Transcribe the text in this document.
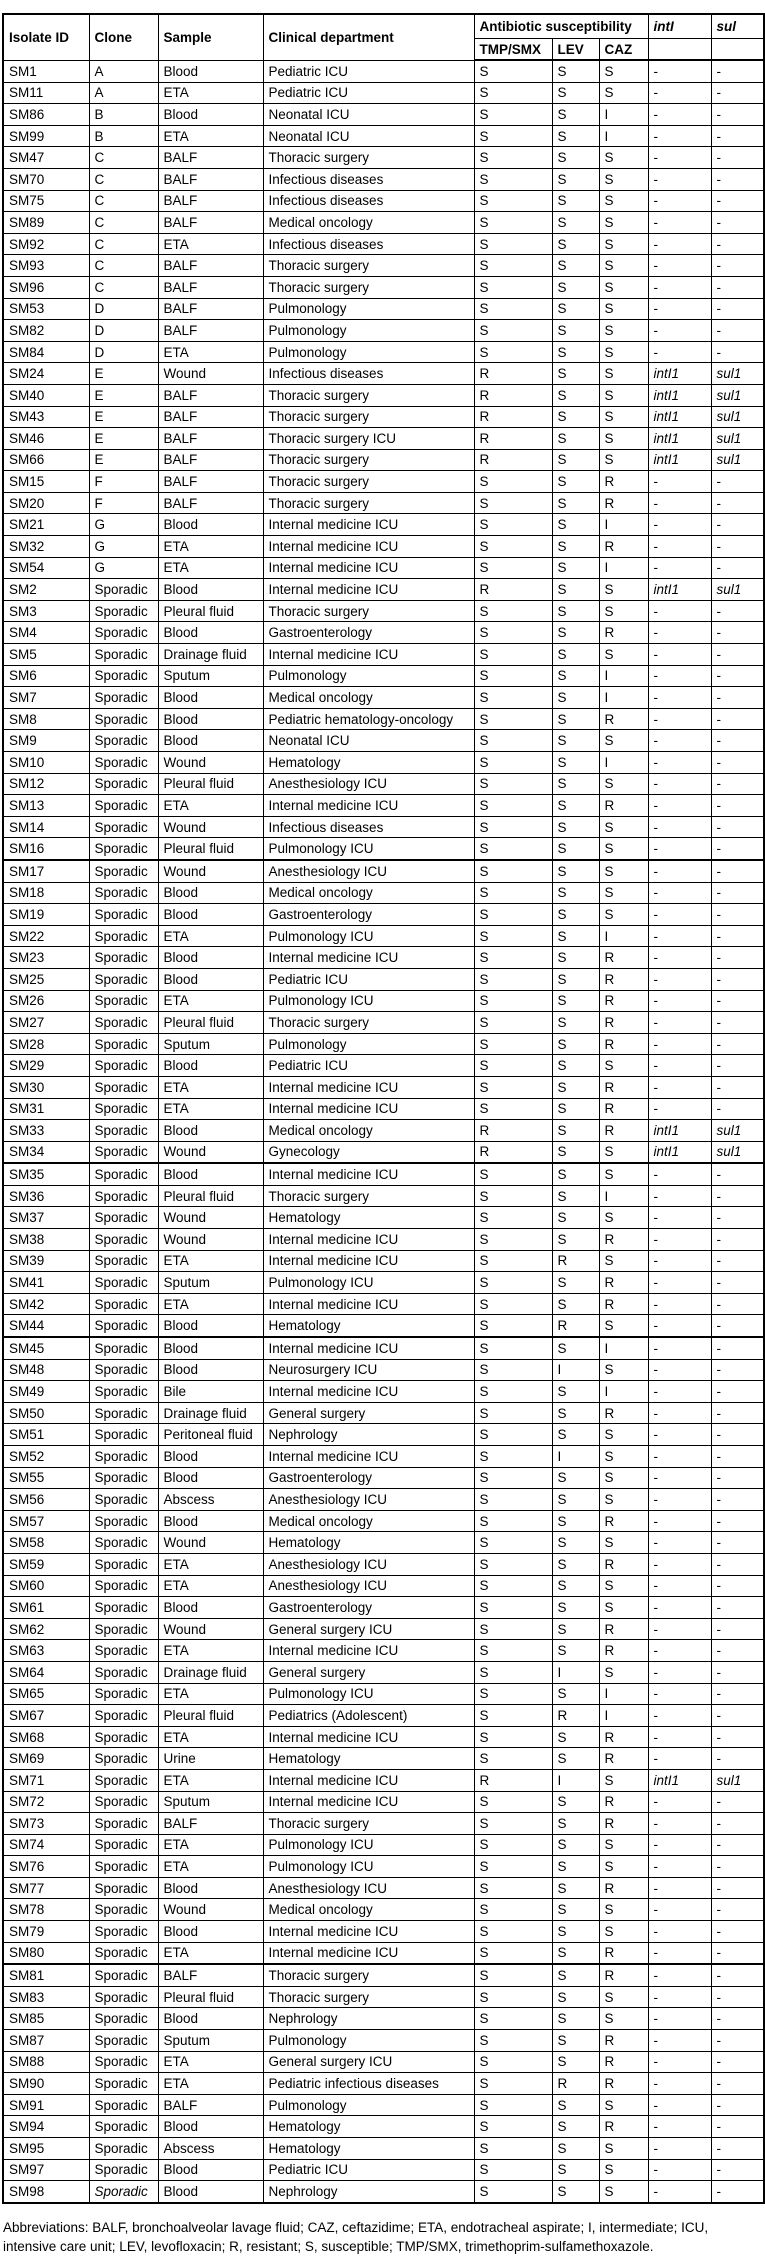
Isolate ID	Clone	Sample	Clinical department	Antibiotic susceptibility			intI	sul
				TMP/SMX	LEV	CAZ		
SM1	A	Blood	Pediatric ICU	S	S	S	-	-
SM11	A	ETA	Pediatric ICU	S	S	S	-	-
SM86	B	Blood	Neonatal ICU	S	S	I	-	-
SM99	B	ETA	Neonatal ICU	S	S	I	-	-
SM47	C	BALF	Thoracic surgery	S	S	S	-	-
SM70	C	BALF	Infectious diseases	S	S	S	-	-
SM75	C	BALF	Infectious diseases	S	S	S	-	-
SM89	C	BALF	Medical oncology	S	S	S	-	-
SM92	C	ETA	Infectious diseases	S	S	S	-	-
SM93	C	BALF	Thoracic surgery	S	S	S	-	-
SM96	C	BALF	Thoracic surgery	S	S	S	-	-
SM53	D	BALF	Pulmonology	S	S	S	-	-
SM82	D	BALF	Pulmonology	S	S	S	-	-
SM84	D	ETA	Pulmonology	S	S	S	-	-
SM24	E	Wound	Infectious diseases	R	S	S	intI1	sul1
SM40	E	BALF	Thoracic surgery	R	S	S	intI1	sul1
SM43	E	BALF	Thoracic surgery	R	S	S	intI1	sul1
SM46	E	BALF	Thoracic surgery ICU	R	S	S	intI1	sul1
SM66	E	BALF	Thoracic surgery	R	S	S	intI1	sul1
SM15	F	BALF	Thoracic surgery	S	S	R	-	-
SM20	F	BALF	Thoracic surgery	S	S	R	-	-
SM21	G	Blood	Internal medicine ICU	S	S	I	-	-
SM32	G	ETA	Internal medicine ICU	S	S	R	-	-
SM54	G	ETA	Internal medicine ICU	S	S	I	-	-
SM2	Sporadic	Blood	Internal medicine ICU	R	S	S	intI1	sul1
SM3	Sporadic	Pleural fluid	Thoracic surgery	S	S	S	-	-
SM4	Sporadic	Blood	Gastroenterology	S	S	R	-	-
SM5	Sporadic	Drainage fluid	Internal medicine ICU	S	S	S	-	-
SM6	Sporadic	Sputum	Pulmonology	S	S	I	-	-
SM7	Sporadic	Blood	Medical oncology	S	S	I	-	-
SM8	Sporadic	Blood	Pediatric hematology-oncology	S	S	R	-	-
SM9	Sporadic	Blood	Neonatal ICU	S	S	S	-	-
SM10	Sporadic	Wound	Hematology	S	S	I	-	-
SM12	Sporadic	Pleural fluid	Anesthesiology ICU	S	S	S	-	-
SM13	Sporadic	ETA	Internal medicine ICU	S	S	R	-	-
SM14	Sporadic	Wound	Infectious diseases	S	S	S	-	-
SM16	Sporadic	Pleural fluid	Pulmonology ICU	S	S	S	-	-
SM17	Sporadic	Wound	Anesthesiology ICU	S	S	S	-	-
SM18	Sporadic	Blood	Medical oncology	S	S	S	-	-
SM19	Sporadic	Blood	Gastroenterology	S	S	S	-	-
SM22	Sporadic	ETA	Pulmonology ICU	S	S	I	-	-
SM23	Sporadic	Blood	Internal medicine ICU	S	S	R	-	-
SM25	Sporadic	Blood	Pediatric ICU	S	S	R	-	-
SM26	Sporadic	ETA	Pulmonology ICU	S	S	R	-	-
SM27	Sporadic	Pleural fluid	Thoracic surgery	S	S	R	-	-
SM28	Sporadic	Sputum	Pulmonology	S	S	R	-	-
SM29	Sporadic	Blood	Pediatric ICU	S	S	S	-	-
SM30	Sporadic	ETA	Internal medicine ICU	S	S	R	-	-
SM31	Sporadic	ETA	Internal medicine ICU	S	S	R	-	-
SM33	Sporadic	Blood	Medical oncology	R	S	R	intI1	sul1
SM34	Sporadic	Wound	Gynecology	R	S	S	intI1	sul1
SM35	Sporadic	Blood	Internal medicine ICU	S	S	S	-	-
SM36	Sporadic	Pleural fluid	Thoracic surgery	S	S	I	-	-
SM37	Sporadic	Wound	Hematology	S	S	S	-	-
SM38	Sporadic	Wound	Internal medicine ICU	S	S	R	-	-
SM39	Sporadic	ETA	Internal medicine ICU	S	R	S	-	-
SM41	Sporadic	Sputum	Pulmonology ICU	S	S	R	-	-
SM42	Sporadic	ETA	Internal medicine ICU	S	S	R	-	-
SM44	Sporadic	Blood	Hematology	S	R	S	-	-
SM45	Sporadic	Blood	Internal medicine ICU	S	S	I	-	-
SM48	Sporadic	Blood	Neurosurgery ICU	S	I	S	-	-
SM49	Sporadic	Bile	Internal medicine ICU	S	S	I	-	-
SM50	Sporadic	Drainage fluid	General surgery	S	S	R	-	-
SM51	Sporadic	Peritoneal fluid	Nephrology	S	S	S	-	-
SM52	Sporadic	Blood	Internal medicine ICU	S	I	S	-	-
SM55	Sporadic	Blood	Gastroenterology	S	S	S	-	-
SM56	Sporadic	Abscess	Anesthesiology ICU	S	S	S	-	-
SM57	Sporadic	Blood	Medical oncology	S	S	R	-	-
SM58	Sporadic	Wound	Hematology	S	S	S	-	-
SM59	Sporadic	ETA	Anesthesiology ICU	S	S	R	-	-
SM60	Sporadic	ETA	Anesthesiology ICU	S	S	S	-	-
SM61	Sporadic	Blood	Gastroenterology	S	S	S	-	-
SM62	Sporadic	Wound	General surgery ICU	S	S	R	-	-
SM63	Sporadic	ETA	Internal medicine ICU	S	S	R	-	-
SM64	Sporadic	Drainage fluid	General surgery	S	I	S	-	-
SM65	Sporadic	ETA	Pulmonology ICU	S	S	I	-	-
SM67	Sporadic	Pleural fluid	Pediatrics (Adolescent)	S	R	I	-	-
SM68	Sporadic	ETA	Internal medicine ICU	S	S	R	-	-
SM69	Sporadic	Urine	Hematology	S	S	R	-	-
SM71	Sporadic	ETA	Internal medicine ICU	R	I	S	intI1	sul1
SM72	Sporadic	Sputum	Internal medicine ICU	S	S	R	-	-
SM73	Sporadic	BALF	Thoracic surgery	S	S	R	-	-
SM74	Sporadic	ETA	Pulmonology ICU	S	S	S	-	-
SM76	Sporadic	ETA	Pulmonology ICU	S	S	S	-	-
SM77	Sporadic	Blood	Anesthesiology ICU	S	S	R	-	-
SM78	Sporadic	Wound	Medical oncology	S	S	S	-	-
SM79	Sporadic	Blood	Internal medicine ICU	S	S	S	-	-
SM80	Sporadic	ETA	Internal medicine ICU	S	S	R	-	-
SM81	Sporadic	BALF	Thoracic surgery	S	S	R	-	-
SM83	Sporadic	Pleural fluid	Thoracic surgery	S	S	S	-	-
SM85	Sporadic	Blood	Nephrology	S	S	S	-	-
SM87	Sporadic	Sputum	Pulmonology	S	S	R	-	-
SM88	Sporadic	ETA	General surgery ICU	S	S	R	-	-
SM90	Sporadic	ETA	Pediatric infectious diseases	S	R	R	-	-
SM91	Sporadic	BALF	Pulmonology	S	S	S	-	-
SM94	Sporadic	Blood	Hematology	S	S	R	-	-
SM95	Sporadic	Abscess	Hematology	S	S	S	-	-
SM97	Sporadic	Blood	Pediatric ICU	S	S	S	-	-
SM98	Sporadic	Blood	Nephrology	S	S	S	-	-

Abbreviations: BALF, bronchoalveolar lavage fluid; CAZ, ceftazidime; ETA, endotracheal aspirate; I, intermediate; ICU, intensive care unit; LEV, levofloxacin; R, resistant; S, susceptible; TMP/SMX, trimethoprim-sulfamethoxazole.
